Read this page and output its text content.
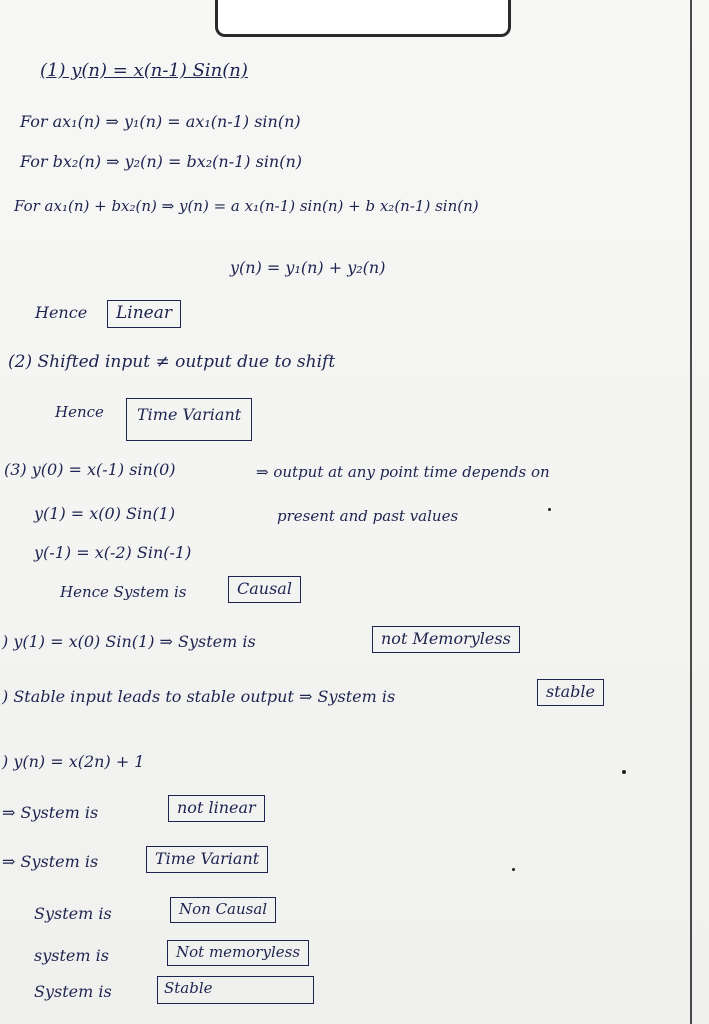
(1) y(n) = x(n-1) Sin(n)
For ax₁(n) ⇒ y₁(n) = ax₁(n-1) sin(n)
For bx₂(n) ⇒ y₂(n) = bx₂(n-1) sin(n)
For ax₁(n) + bx₂(n) ⇒ y(n) = a x₁(n-1) sin(n) + b x₂(n-1) sin(n)
y(n) = y₁(n) + y₂(n)
Hence	Linear
(2) Shifted input ≠ output due to shift
Hence	Time Variant
(3) y(0) = x(-1) sin(0)
y(1) = x(0) Sin(1)
y(-1) = x(-2) Sin(-1)
⇒ output at any point time depends on
present and past values
Hence System is	Causal
) y(1) = x(0) Sin(1) ⇒ System is	not Memoryless
) Stable input leads to stable output ⇒ System is	stable
) y(n) = x(2n) + 1
⇒ System is	not linear
⇒ System is	Time Variant
System is	Non Causal
system is	Not memoryless
System is	Stable
